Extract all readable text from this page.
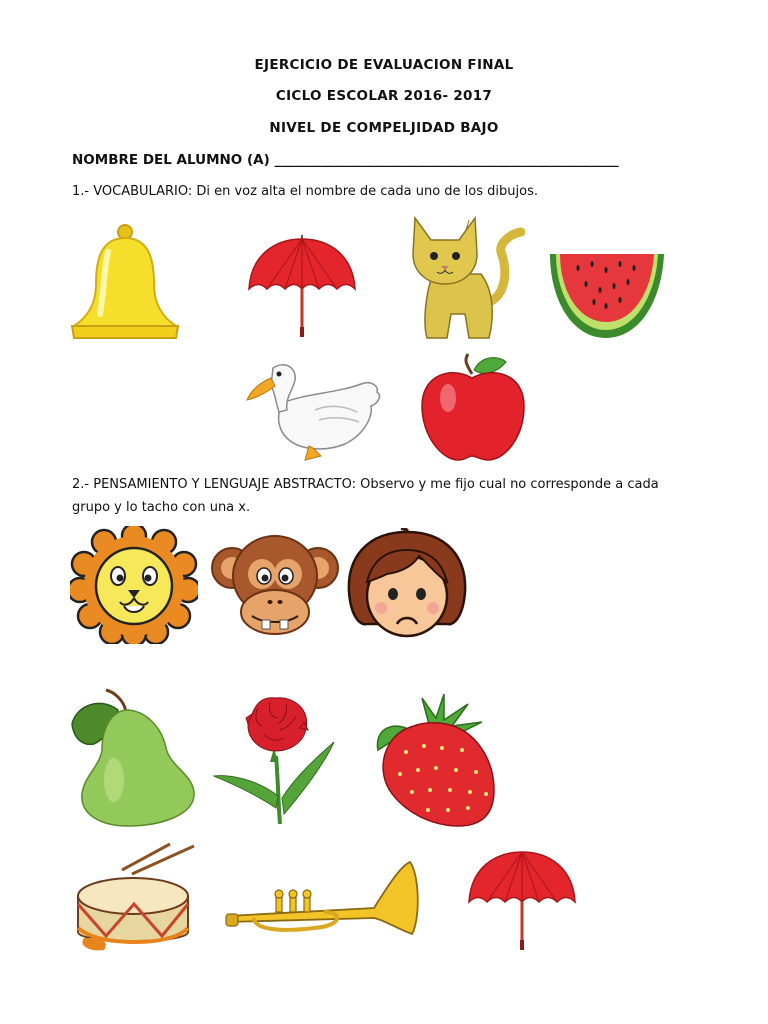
EJERCICIO DE EVALUACION FINAL
CICLO ESCOLAR 2016- 2017
NIVEL DE COMPELJIDAD BAJO
NOMBRE DEL ALUMNO (A) ___________________________________________________
1.- VOCABULARIO: Di en voz alta el nombre de cada uno de los dibujos.
2.- PENSAMIENTO Y LENGUAJE ABSTRACTO: Observo y me fijo cual no corresponde a cada
grupo y lo tacho con una x.
